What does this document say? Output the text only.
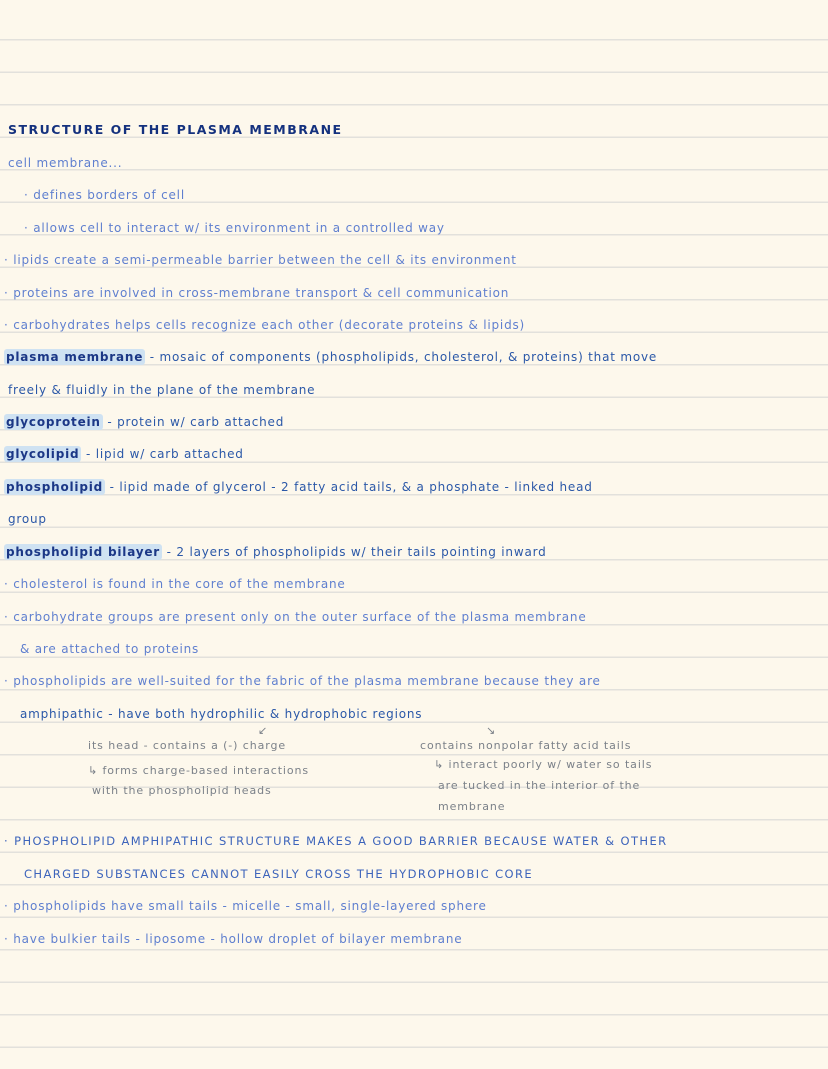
STRUCTURE OF THE PLASMA MEMBRANE
cell membrane...
· defines borders of cell
· allows cell to interact w/ its environment in a controlled way
· lipids create a semi-permeable barrier between the cell & its environment
· proteins are involved in cross-membrane transport & cell communication
· carbohydrates helps cells recognize each other (decorate proteins & lipids)
plasma membrane - mosaic of components (phospholipids, cholesterol, & proteins) that move
freely & fluidly in the plane of the membrane
glycoprotein - protein w/ carb attached
glycolipid - lipid w/ carb attached
phospholipid - lipid made of glycerol - 2 fatty acid tails, & a phosphate - linked head
group
phospholipid bilayer - 2 layers of phospholipids w/ their tails pointing inward
· cholesterol is found in the core of the membrane
· carbohydrate groups are present only on the outer surface of the plasma membrane
& are attached to proteins
· phospholipids are well-suited for the fabric of the plasma membrane because they are
amphipathic - have both hydrophilic & hydrophobic regions
↙	↘
its head - contains a (-) charge
↳ forms charge-based interactions
with the phospholipid heads
contains nonpolar fatty acid tails
↳ interact poorly w/ water so tails
are tucked in the interior of the
membrane
· PHOSPHOLIPID AMPHIPATHIC STRUCTURE MAKES A GOOD BARRIER BECAUSE WATER & OTHER
CHARGED SUBSTANCES CANNOT EASILY CROSS THE HYDROPHOBIC CORE
· phospholipids have small tails - micelle - small, single-layered sphere
· have bulkier tails - liposome - hollow droplet of bilayer membrane
